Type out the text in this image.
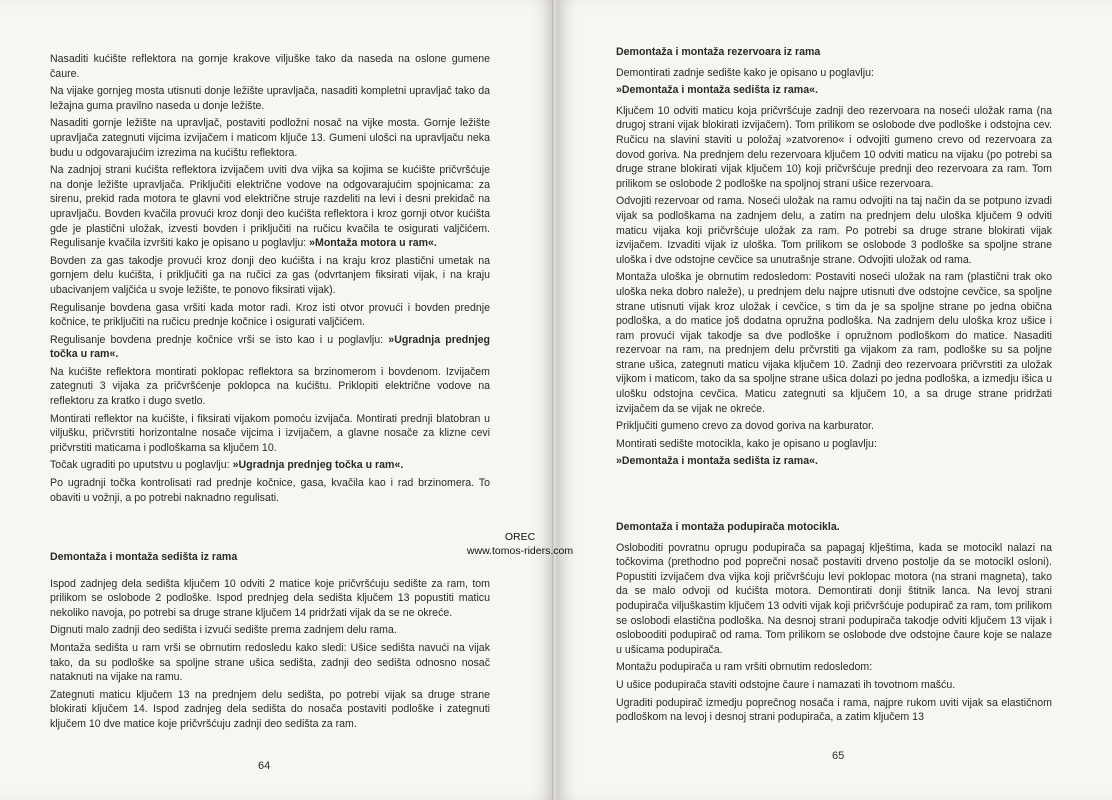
Nasaditi kućište reflektora na gornje krakove viljuške tako da naseda na oslone gumene čaure.

Na vijake gornjeg mosta utisnuti donje ležište upravljača, nasaditi kompletni upravljač tako da ležajna guma pravilno naseda u donje ležište.

Nasaditi gornje ležište na upravljač, postaviti podložni nosač na vijke mosta. Gornje ležište upravljača zategnuti vijcima izvijačem i maticom ključe 13. Gumeni ulošci na upravljaču neka budu u odgovarajućim izrezima na kućištu reflektora.

Na zadnjoj strani kućišta reflektora izvijačem uviti dva vijka sa kojima se kućište pričvršćuje na donje ležište upravljača. Priključiti električne vodove na odgovarajućim spojnicama: za sirenu, prekid rada motora te glavni vod električne struje razdeliti na levi i desni prekidač na upravljaču. Bovden kvačila provući kroz donji deo kućišta reflektora i kroz gornji otvor kućišta gde je plastični uložak, izvesti bovden i priključiti na ručicu kvačila te osigurati valjčićem. Regulisanje kvačila izvršiti kako je opisano u poglavlju: »Montaža motora u ram«.

Bovden za gas takodje provući kroz donji deo kućišta i na kraju kroz plastični umetak na gornjem delu kućišta, i priključiti ga na ručici za gas (odvrtanjem fiksirati vijak, i na kraju ubacivanjem valjčića u svoje ležište, te ponovo fiksirati vijak).

Regulisanje bovdena gasa vršiti kada motor radi. Kroz isti otvor provući i bovden prednje kočnice, te priključiti na ručicu prednje kočnice i osigurati valjčićem.

Regulisanje bovdena prednje kočnice vrši se isto kao i u poglavlju: »Ugradnja prednjeg točka u ram«.

Na kućište reflektora montirati poklopac reflektora sa brzinomerom i bovdenom. Izvijačem zategnuti 3 vijaka za pričvršćenje poklopca na kućištu. Priklopiti električne vodove na reflektoru za kratko i dugo svetlo.

Montirati reflektor na kućište, i fiksirati vijakom pomoću izvijača. Montirati prednji blatobran u viljušku, pričvrstiti horizontalne nosače vijcima i izvijačem, a glavne nosače za klizne cevi pričvrstiti maticama i podloškama sa ključem 10.

Točak ugraditi po uputstvu u poglavlju: »Ugradnja prednjeg točka u ram«.

Po ugradnji točka kontrolisati rad prednje kočnice, gasa, kvačila kao i rad brzinomera. To obaviti u vožnji, a po potrebi naknadno regulisati.

Demontaža i montaža sedišta iz rama

Ispod zadnjeg dela sedišta ključem 10 odviti 2 matice koje pričvršćuju sedište za ram, tom prilikom se oslobode 2 podloške. Ispod prednjeg dela sedišta ključem 13 popustiti maticu nekoliko navoja, po potrebi sa druge strane ključem 14 pridržati vijak da se ne okreće.

Dignuti malo zadnji deo sedišta i izvući sedište prema zadnjem delu rama.

Montaža sedišta u ram vrši se obrnutim redosledu kako sledi: Ušice sedišta navući na vijak tako, da su podloške sa spoljne strane ušica sedišta, zadnji deo sedišta odnosno nosač nataknuti na vijake na ramu.

Zategnuti maticu ključem 13 na prednjem delu sedišta, po potrebi vijak sa druge strane blokirati ključem 14. Ispod zadnjeg dela sedišta do nosača postaviti podloške i zategnuti ključem 10 dve matice koje pričvršćuju zadnji deo sedišta za ram.

64

Demontaža i montaža rezervoara iz rama

Demontirati zadnje sedište kako je opisano u poglavlju:

»Demontaža i montaža sedišta iz rama«.

Ključem 10 odviti maticu koja pričvršćuje zadnji deo rezervoara na noseći uložak rama (na drugoj strani vijak blokirati izvijačem). Tom prilikom se oslobode dve podloške i odstojna cev. Ručicu na slavini staviti u položaj »zatvoreno« i odvojiti gumeno crevo od rezervoara za dovod goriva. Na prednjem delu rezervoara ključem 10 odviti maticu na vijaku (po potrebi sa druge strane blokirati vijak ključem 10) koji pričvršćuje prednji deo rezervoara za ram. Tom prilikom se oslobode 2 podloške na spoljnoj strani ušice rezervoara.

Odvojiti rezervoar od rama. Noseći uložak na ramu odvojiti na taj način da se potpuno izvadi vijak sa podloškama na zadnjem delu, a zatim na prednjem delu uloška ključem 9 odviti maticu vijaka koji pričvršćuje uložak za ram. Po potrebi sa druge strane blokirati vijak izvijačem. Izvaditi vijak iz uloška. Tom prilikom se oslobode 3 podloške sa spoljne strane uloška i dve odstojne cevčice sa unutrašnje strane. Odvojiti uložak od rama.

Montaža uloška je obrnutim redosledom: Postaviti noseći uložak na ram (plastični trak oko uloška neka dobro naleže), u prednjem delu najpre utisnuti dve odstojne cevčice, sa spoljne strane utisnuti vijak kroz uložak i cevčice, s tim da je sa spoljne strane po jedna obična podloška, a do matice još dodatna opružna podloška. Na zadnjem delu uloška kroz ušice i ram provući vijak takodje sa dve podloške i opružnom podloškom do matice. Nasaditi rezervoar na ram, na prednjem delu prčvrstiti ga vijakom za ram, podloške su sa poljne strane ušica, zategnuti maticu vijaka ključem 10. Zadnji deo rezervoara pričvrstiti za uložak vijkom i maticom, tako da sa spoljne strane ušica dolazi po jedna podloška, a izmedju išica u ulošku odstojna cevčica. Maticu zategnuti sa ključem 10, a sa druge strane pridržati izvijačem da se vijak ne okreće.

Priključiti gumeno crevo za dovod goriva na karburator.

Montirati sedište motocikla, kako je opisano u poglavlju:

»Demontaža i montaža sedišta iz rama«.

Demontaža i montaža podupirača motocikla.

Osloboditi povratnu oprugu podupirača sa papagaj klještima, kada se motocikl nalazi na točkovima (prethodno pod poprečni nosač postaviti drveno postolje da se motocikl osloni). Popustiti izvijačem dva vijka koji pričvršćuju levi poklopac motora (na strani magneta), tako da se malo odvoji od kućišta motora. Demontirati donji štitnik lanca. Na levoj strani podupirača viljuškastim ključem 13 odviti vijak koji pričvršćuje podupirač za ram, tom prilikom se oslobodi elastična podloška. Na desnoj strani podupirača takodje odviti ključem 13 vijak i oslobooditi podupirač od rama. Tom prilikom se oslobode dve odstojne čaure koje se nalaze u ušicama podupirača.

Montažu podupirača u ram vršiti obrnutim redosledom:

U ušice podupirača staviti odstojne čaure i namazati ih tovotnom mašću.

Ugraditi podupirač izmedju poprečnog nosača i rama, najpre rukom uviti vijak sa elastičnom podloškom na levoj i desnoj strani podupirača, a zatim ključem 13

65
OREC
www.tomos-riders.com
